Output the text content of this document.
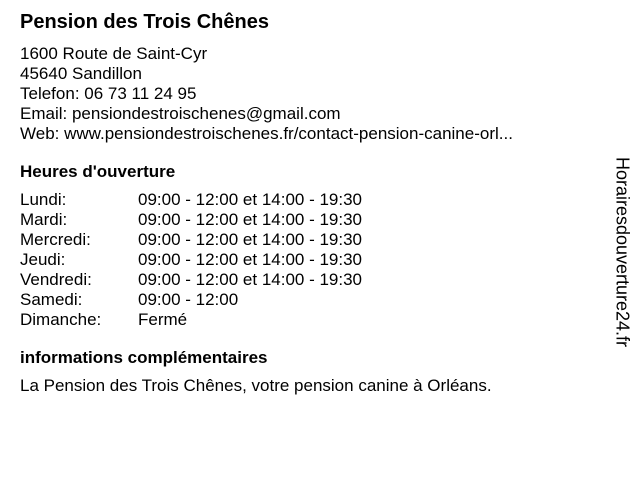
Pension des Trois Chênes
1600 Route de Saint-Cyr
45640 Sandillon
Telefon: 06 73 11 24 95
Email: pensiondestroischenes@gmail.com
Web: www.pensiondestroischenes.fr/contact-pension-canine-orl...
Heures d'ouverture
Lundi:	09:00 - 12:00 et 14:00 - 19:30
Mardi:	09:00 - 12:00 et 14:00 - 19:30
Mercredi:	09:00 - 12:00 et 14:00 - 19:30
Jeudi:	09:00 - 12:00 et 14:00 - 19:30
Vendredi:	09:00 - 12:00 et 14:00 - 19:30
Samedi:	09:00 - 12:00
Dimanche:	Fermé
informations complémentaires
La Pension des Trois Chênes, votre pension canine à Orléans.
Horairesdouverture24.fr
